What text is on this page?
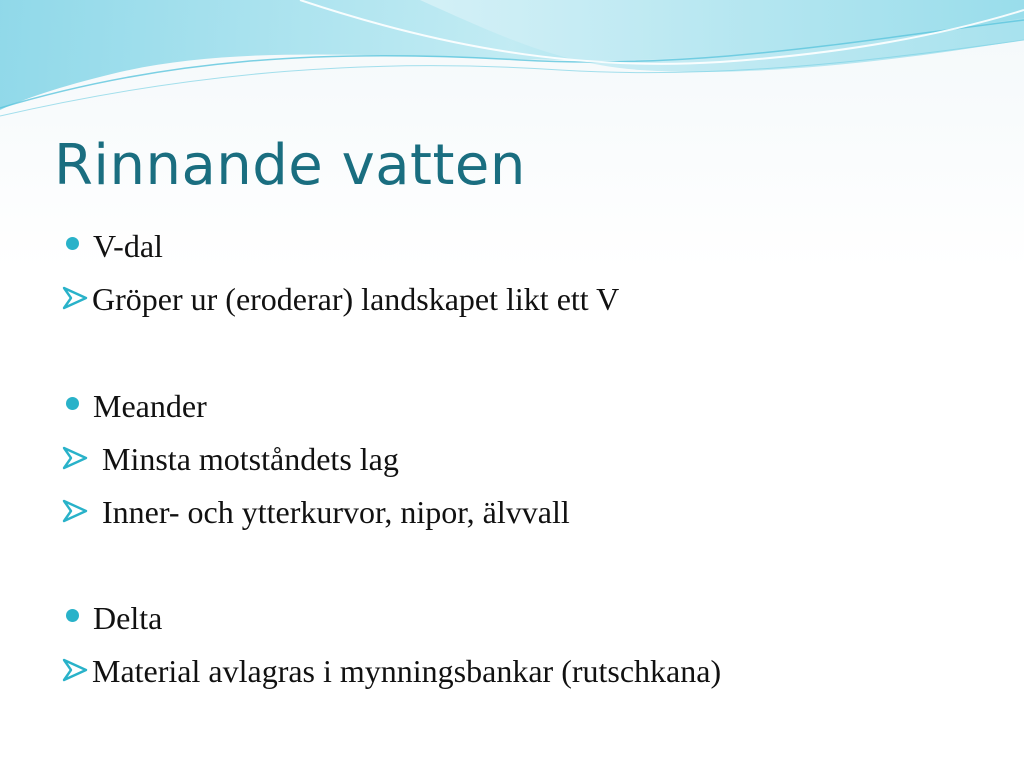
Rinnande vatten
V-dal
Gröper ur (eroderar) landskapet likt ett V
Meander
Minsta motståndets lag
Inner- och ytterkurvor, nipor, älvvall
Delta
Material avlagras i mynningsbankar (rutschkana)
